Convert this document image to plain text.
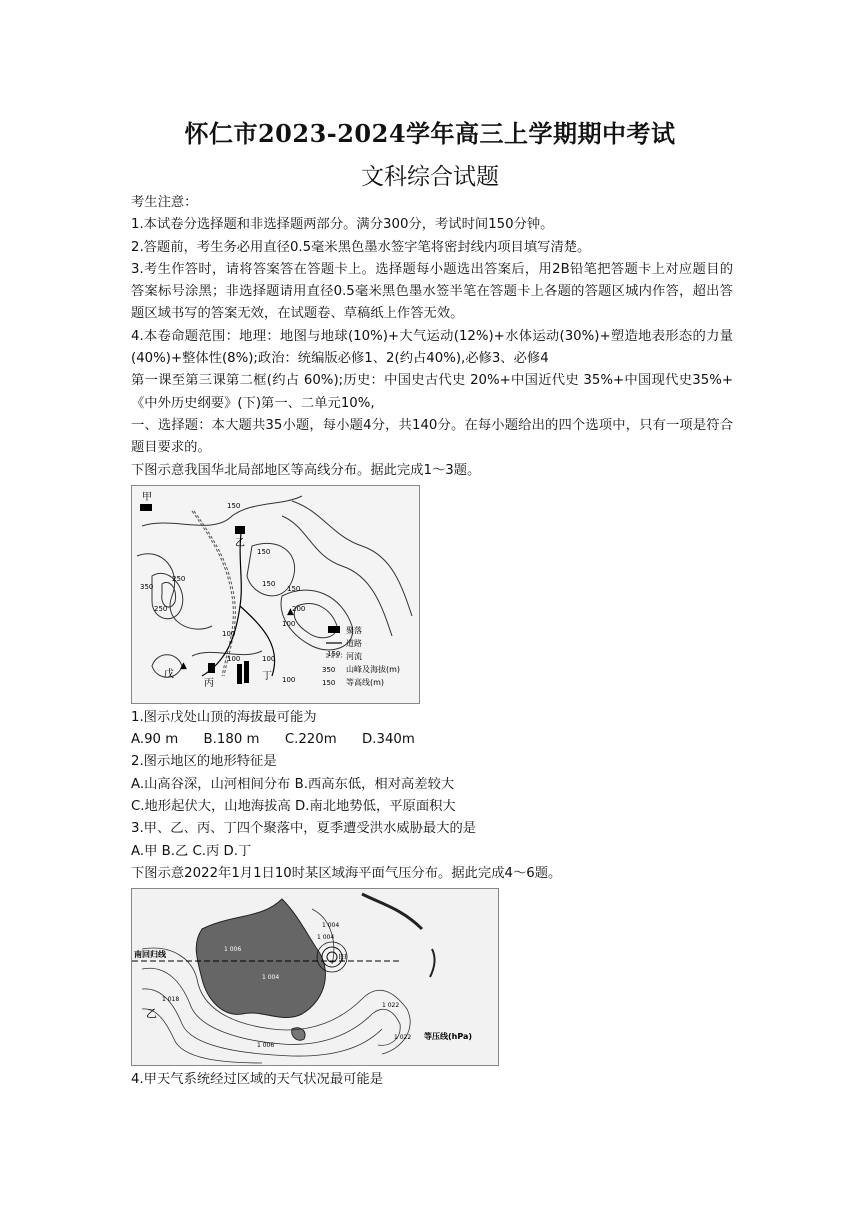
怀仁市2023-2024学年高三上学期期中考试
文科综合试题

考生注意：

1.本试卷分选择题和非选择题两部分。满分300分，考试时间150分钟。

2.答题前，考生务必用直径0.5毫米黑色墨水签字笔将密封线内项目填写清楚。

3.考生作答时，请将答案答在答题卡上。选择题每小题选出答案后，用2B铅笔把答题卡上对应题目的答案标号涂黑；非选择题请用直径0.5毫米黑色墨水签半笔在答题卡上各题的答题区城内作答，超出答题区域书写的答案无效，在试题卷、草稿纸上作答无效。

4.本卷命题范围：地理：地图与地球(10%)+大气运动(12%)+水体运动(30%)+塑造地表形态的力量(40%)+整体性(8%);政治：统编版必修1、2(约占40%),必修3、必修4

第一课至第三课第二框(约占 60%);历史：中国史古代史 20%+中国近代史 35%+中国现代史35%+《中外历史纲要》(下)第一、二单元10%,

一、选择题：本大题共35小题，每小题4分，共140分。在每小题给出的四个选项中，只有一项是符合题目要求的。

下图示意我国华北局部地区等高线分布。据此完成1～3题。

甲
乙
丙
丁
戊
150
150
250
350
250
100
150
150
200
100
100
150
100
100
▲
▲
聚落
道路
河流
350 山峰及海拔(m)
150 等高线(m)

1.图示戊处山顶的海拔最可能为

A.90 m      B.180 m      C.220m      D.340m

2.图示地区的地形特征是

A.山高谷深，山河相间分布 B.西高东低，相对高差较大

C.地形起伏大，山地海拔高 D.南北地势低，平原面积大

3.甲、乙、丙、丁四个聚落中，夏季遭受洪水威胁最大的是

A.甲 B.乙 C.丙 D.丁

下图示意2022年1月1日10时某区域海平面气压分布。据此完成4～6题。

南回归线	甲
乙
1 004
1 004
1 006
1 004
1 018
1 022
1 006
1 022 等压线(hPa)

4.甲天气系统经过区域的天气状况最可能是
